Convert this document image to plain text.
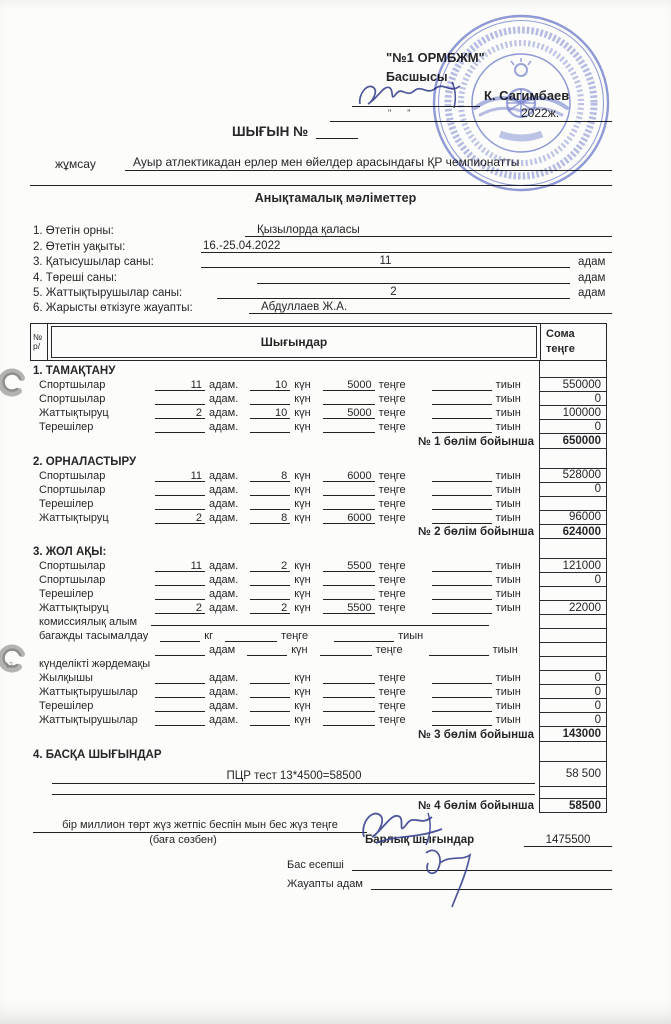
"№1 ОРМБЖМ"
Басшысы
""
К. Сагимбаев
2022ж.
ШЫҒЫН №
жұмсау	Ауыр атлектикадан ерлер мен өйелдер арасындағы ҚР чемпионатты
Анықтамалық мәліметтер
1. Өтетін орны:	Қызылорда қаласы
2. Өтетін уақыты:	16.-25.04.2022
3. Қатысушылар саны:	11	адам
4. Төреші саны:	адам
5. Жаттықтырушылар саны:	2	адам
6. Жарысты өткізуге жауапты:	Абдуллаев Ж.А.
№
р/	Шығындар
Сома
теңге
1. ТАМАҚТАНУ
Спортшылар	11 адам.	10 күн	5000 теңге	тиын	550000
Спортшылар	адам.	күн	теңге	тиын	0
Жаттықтыруц	2 адам.	10 күн	5000 теңге	тиын	100000
Терешілер	адам.	күн	теңге	тиын	0
№ 1 бөлім бойынша	650000
2. ОРНАЛАСТЫРУ
Спортшылар	11 адам.	8 күн	6000 теңге	тиын	528000
Спортшылар	адам.	күн	теңге	тиын	0
Терешілер	адам.	күн	теңге	тиын
Жаттықтыруц	2 адам.	8 күн	6000 теңге	тиын	96000
№ 2 бөлім бойынша	624000
3. ЖОЛ АҚЫ:
Спортшылар	11 адам.	2 күн	5500 теңге	тиын	121000
Спортшылар	адам.	күн	теңге	тиын	0
Терешілер	адам.	күн	теңге	тиын
Жаттықтыруц	2 адам.	2 күн	5500 теңге	тиын	22000
комиссиялық алым
багажды тасымалдау	кг	теңге	тиын
адам	күн	теңге	тиын
күнделікті жәрдемақы
Жылқышы	адам.	күн	теңге	тиын	0
Жаттықтырушылар	адам.	күн	теңге	тиын	0
Терешілер	адам.	күн	теңге	тиын	0
Жаттықтырушылар	адам.	күн	теңге	тиын	0
№ 3 бөлім бойынша	143000
4. БАСҚА ШЫҒЫНДАР
ПЦР тест 13*4500=58500	58 500
№ 4 бөлім бойынша	58500
бір миллион төрт жүз жетпіс беспін мын бес жүз теңге
(баға сөзбен)	Барлық шығындар	1475500
Бас есепші
Жауапты адам
12
